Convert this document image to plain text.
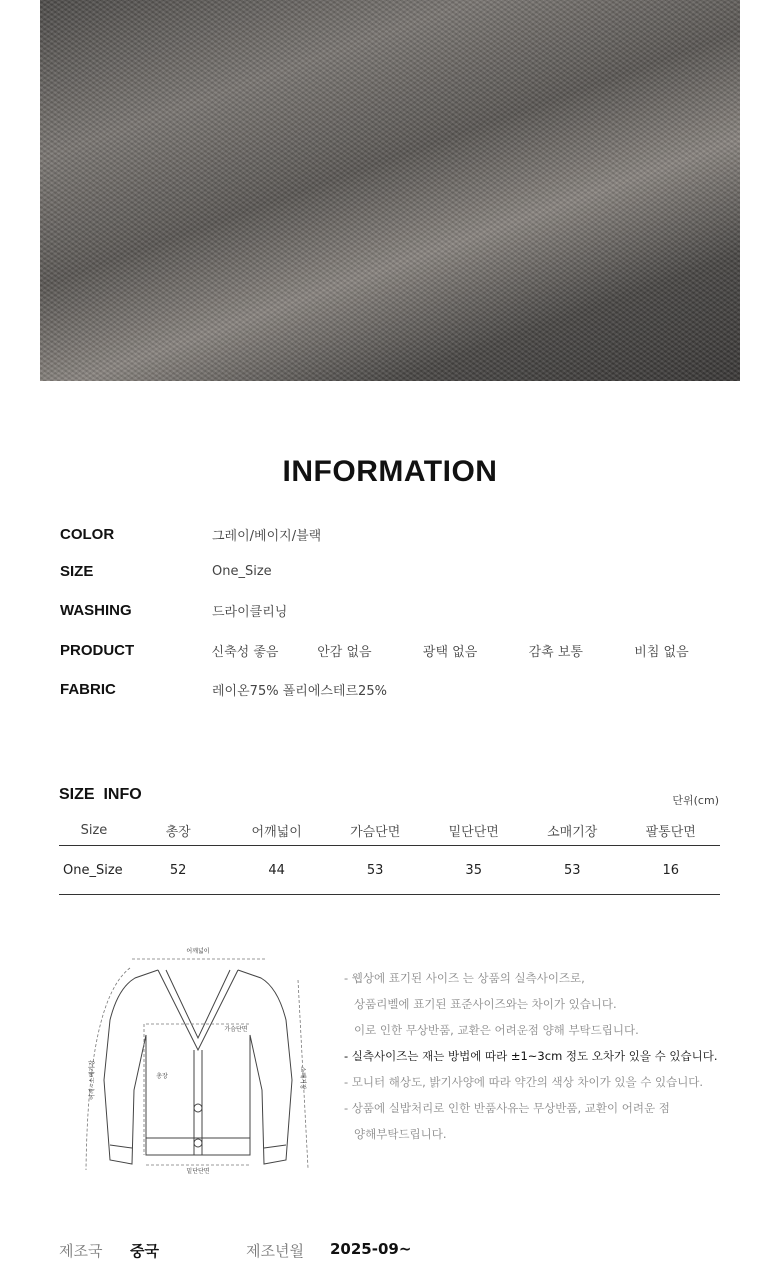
INFORMATION
COLOR	그레이/베이지/블랙
SIZE	One_Size
WASHING	드라이클리닝
PRODUCT	신축성 좋음	안감 없음	광택 없음	감촉 보통	비침 없음
FABRIC	레이온75% 폴리에스테르25%
SIZE  INFO	단위(cm)
Size	총장	어깨넓이	가슴단면	밑단단면	소매기장	팔통단면
One_Size	52	44	53	35	53	16
어깨넓이
가슴단면
총장
밑단단면
소매기장
어깨~소매기장
- 웹상에 표기된 사이즈 는 상품의 실측사이즈로,
상품리벨에 표기된 표준사이즈와는 차이가 있습니다.
이로 인한 무상반품, 교환은 어려운점 양해 부탁드립니다.
- 실측사이즈는 재는 방법에 따라 ±1~3cm 정도 오차가 있을 수 있습니다.
- 모니터 해상도, 밝기사양에 따라 약간의 색상 차이가 있을 수 있습니다.
- 상품에 실밥처리로 인한 반품사유는 무상반품, 교환이 어려운 점
양해부탁드립니다.
제조국 중국	제조년월 2025-09~
